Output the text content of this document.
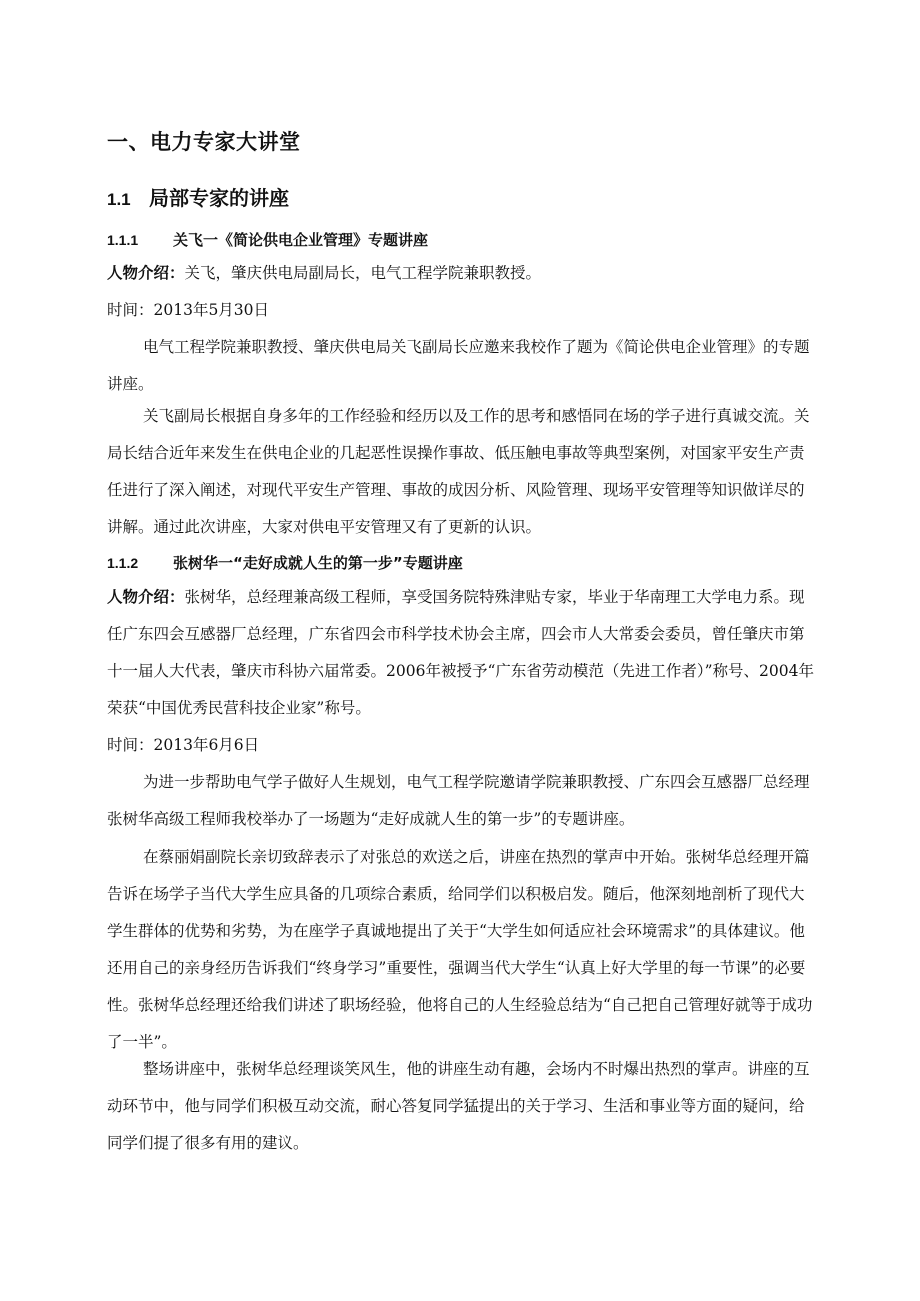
一、电力专家大讲堂
1.1 局部专家的讲座
1.1.1 关飞一《简论供电企业管理》专题讲座

人物介绍：关飞，肇庆供电局副局长，电气工程学院兼职教授。

时间：2013年5月30日

电气工程学院兼职教授、肇庆供电局关飞副局长应邀来我校作了题为《简论供电企业管理》的专题讲座。

关飞副局长根据自身多年的工作经验和经历以及工作的思考和感悟同在场的学子进行真诚交流。关局长结合近年来发生在供电企业的几起恶性误操作事故、低压触电事故等典型案例，对国家平安生产责任进行了深入阐述，对现代平安生产管理、事故的成因分析、风险管理、现场平安管理等知识做详尽的讲解。通过此次讲座，大家对供电平安管理又有了更新的认识。

1.1.2 张树华一“走好成就人生的第一步”专题讲座

人物介绍：张树华，总经理兼高级工程师，享受国务院特殊津贴专家，毕业于华南理工大学电力系。现任广东四会互感器厂总经理，广东省四会市科学技术协会主席，四会市人大常委会委员，曾任肇庆市第十一届人大代表，肇庆市科协六届常委。2006年被授予“广东省劳动模范（先进工作者）”称号、2004年荣获“中国优秀民营科技企业家”称号。

时间：2013年6月6日

为进一步帮助电气学子做好人生规划，电气工程学院邀请学院兼职教授、广东四会互感器厂总经理张树华高级工程师我校举办了一场题为“走好成就人生的第一步”的专题讲座。

在蔡丽娟副院长亲切致辞表示了对张总的欢送之后，讲座在热烈的掌声中开始。张树华总经理开篇告诉在场学子当代大学生应具备的几项综合素质，给同学们以积极启发。随后，他深刻地剖析了现代大学生群体的优势和劣势，为在座学子真诚地提出了关于“大学生如何适应社会环境需求”的具体建议。他还用自己的亲身经历告诉我们“终身学习”重要性，强调当代大学生“认真上好大学里的每一节课”的必要性。张树华总经理还给我们讲述了职场经验，他将自己的人生经验总结为“自己把自己管理好就等于成功了一半”。

整场讲座中，张树华总经理谈笑风生，他的讲座生动有趣，会场内不时爆出热烈的掌声。讲座的互动环节中，他与同学们积极互动交流，耐心答复同学猛提出的关于学习、生活和事业等方面的疑问，给同学们提了很多有用的建议。
